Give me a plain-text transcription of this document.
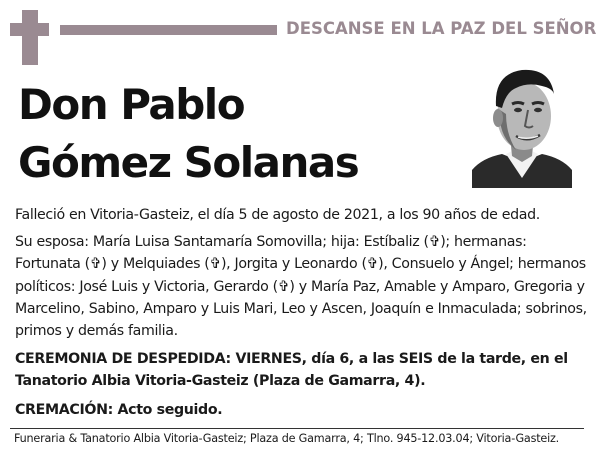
DESCANSE EN LA PAZ DEL SEÑOR
Don Pablo
Gómez Solanas

Falleció en Vitoria-Gasteiz, el día 5 de agosto de 2021, a los 90 años de edad.

Su esposa: María Luisa Santamaría Somovilla; hija: Estíbaliz (✞); hermanas: Fortunata (✞) y Melquiades (✞), Jorgita y Leonardo (✞), Consuelo y Ángel; hermanos políticos: José Luis y Victoria, Gerardo (✞) y María Paz, Amable y Amparo, Gregoria y Marcelino, Sabino, Amparo y Luis Mari, Leo y Ascen, Joaquín e Inmaculada; sobrinos, primos y demás familia.

CEREMONIA DE DESPEDIDA: VIERNES, día 6, a las SEIS de la tarde, en el Tanatorio Albia Vitoria-Gasteiz (Plaza de Gamarra, 4).

CREMACIÓN: Acto seguido.

Funeraria & Tanatorio Albia Vitoria-Gasteiz; Plaza de Gamarra, 4; Tlno. 945-12.03.04; Vitoria-Gasteiz.
